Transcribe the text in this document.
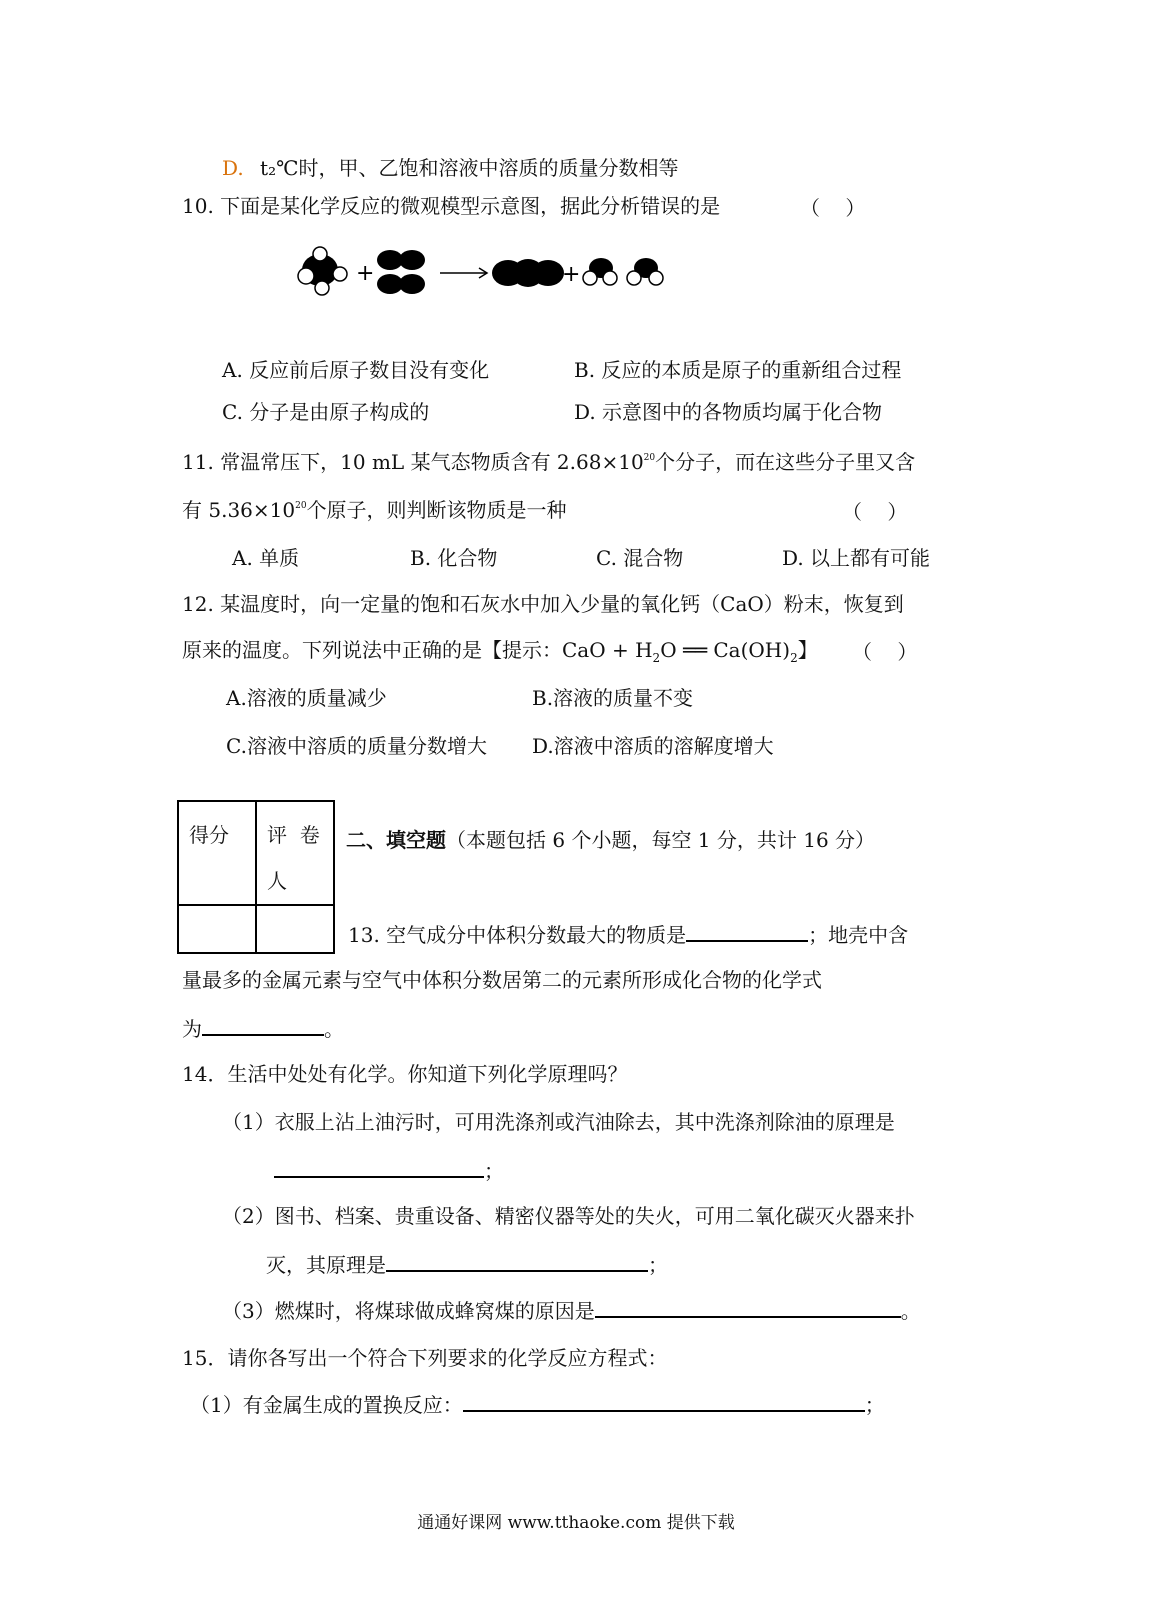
D. t₂℃时，甲、乙饱和溶液中溶质的质量分数相等
10. 下面是某化学反应的微观模型示意图，据此分析错误的是	（    ）
+	+
A. 反应前后原子数目没有变化	B. 反应的本质是原子的重新组合过程
C. 分子是由原子构成的	D. 示意图中的各物质均属于化合物
11. 常温常压下，10 mL 某气态物质含有 $2.68\times 10^{20}$个分子，而在这些分子里又含
有 $5.36\times 10^{20}$个原子，则判断该物质是一种	（    ）
A. 单质	B. 化合物	C. 混合物	D. 以上都有可能
12. 某温度时，向一定量的饱和石灰水中加入少量的氧化钙（CaO）粉末，恢复到
原来的温度。下列说法中正确的是【提示：CaO + $H_2O$ ══ $Ca(OH)_2$】 （    ）
A.溶液的质量减少	B.溶液的质量不变
C.溶液中溶质的质量分数增大 D.溶液中溶质的溶解度增大
得分	评  卷
人

二、填空题（本题包括 6 个小题，每空 1 分，共计 16 分）
13. 空气成分中体积分数最大的物质是	；地壳中含
量最多的金属元素与空气中体积分数居第二的元素所形成化合物的化学式
为	。
14．生活中处处有化学。你知道下列化学原理吗？
（1）衣服上沾上油污时，可用洗涤剂或汽油除去，其中洗涤剂除油的原理是
；
（2）图书、档案、贵重设备、精密仪器等处的失火，可用二氧化碳灭火器来扑
灭，其原理是	；
（3）燃煤时，将煤球做成蜂窝煤的原因是	。
15．请你各写出一个符合下列要求的化学反应方程式：
（1）有金属生成的置换反应：	；
通通好课网 www.tthaoke.com 提供下载
